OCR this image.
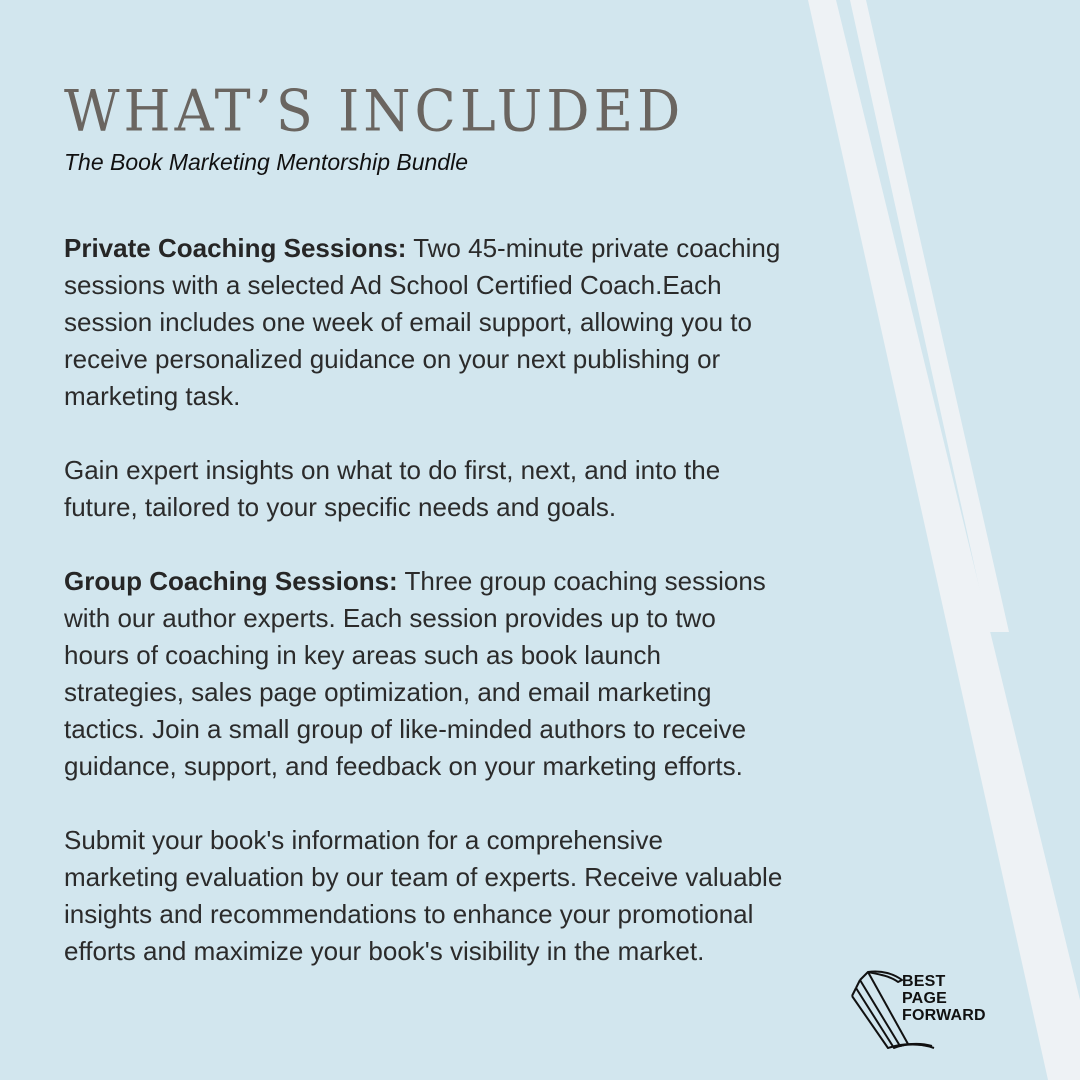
WHAT’S INCLUDED

The Book Marketing Mentorship Bundle

Private Coaching Sessions: Two 45-minute private coaching sessions with a selected Ad School Certified Coach.Each session includes one week of email support, allowing you to receive personalized guidance on your next publishing or marketing task.

Gain expert insights on what to do first, next, and into the future, tailored to your specific needs and goals.

Group Coaching Sessions: Three group coaching sessions with our author experts. Each session provides up to two hours of coaching in key areas such as book launch strategies, sales page optimization, and email marketing tactics. Join a small group of like-minded authors to receive guidance, support, and feedback on your marketing efforts.

Submit your book's information for a comprehensive marketing evaluation by our team of experts. Receive valuable insights and recommendations to enhance your promotional efforts and maximize your book's visibility in the market.

BEST
PAGE
FORWARD
